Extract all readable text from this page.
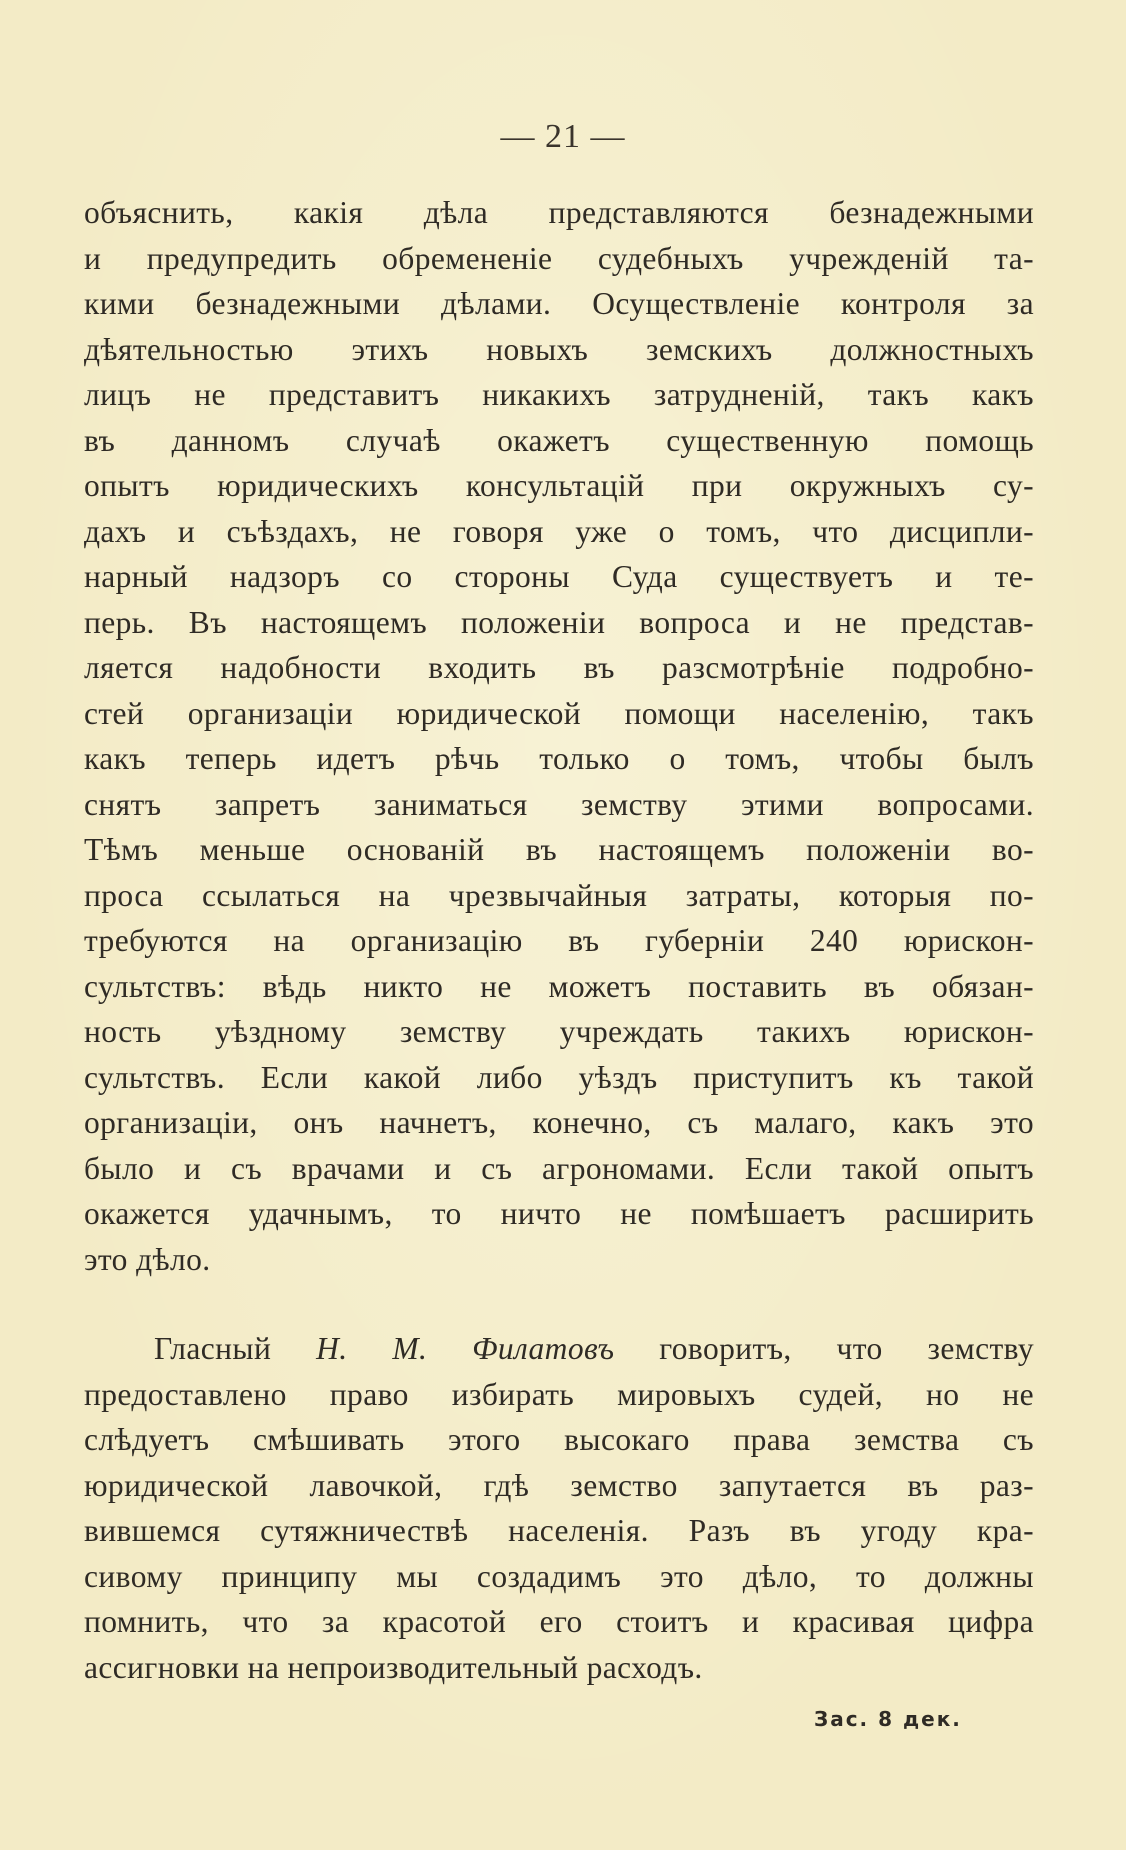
— 21 —
объяснить, какія дѣла представляются безнадежными
и предупредить обремененіе судебныхъ учрежденій та-
кими безнадежными дѣлами. Осуществленіе контроля за
дѣятельностью этихъ новыхъ земскихъ должностныхъ
лицъ не представитъ никакихъ затрудненій, такъ какъ
въ данномъ случаѣ окажетъ существенную помощь
опытъ юридическихъ консультацій при окружныхъ су-
дахъ и съѣздахъ, не говоря уже о томъ, что дисципли-
нарный надзоръ со стороны Суда существуетъ и те-
перь. Въ настоящемъ положеніи вопроса и не представ-
ляется надобности входить въ разсмотрѣніе подробно-
стей организаціи юридической помощи населенію, такъ
какъ теперь идетъ рѣчь только о томъ, чтобы былъ
снятъ запретъ заниматься земству этими вопросами.
Тѣмъ меньше основаній въ настоящемъ положеніи во-
проса ссылаться на чрезвычайныя затраты, которыя по-
требуются на организацію въ губерніи 240 юрискон-
сультствъ: вѣдь никто не можетъ поставить въ обязан-
ность уѣздному земству учреждать такихъ юрискон-
сультствъ. Если какой либо уѣздъ приступитъ къ такой
организаціи, онъ начнетъ, конечно, съ малаго, какъ это
было и съ врачами и съ агрономами. Если такой опытъ
окажется удачнымъ, то ничто не помѣшаетъ расширить
это дѣло.
Гласный Н. М. Филатовъ говоритъ, что земству
предоставлено право избирать мировыхъ судей, но не
слѣдуетъ смѣшивать этого высокаго права земства съ
юридической лавочкой, гдѣ земство запутается въ раз-
вившемся сутяжничествѣ населенія. Разъ въ угоду кра-
сивому принципу мы создадимъ это дѣло, то должны
помнить, что за красотой его стоитъ и красивая цифра
ассигновки на непроизводительный расходъ.
Зас. 8 дек.
